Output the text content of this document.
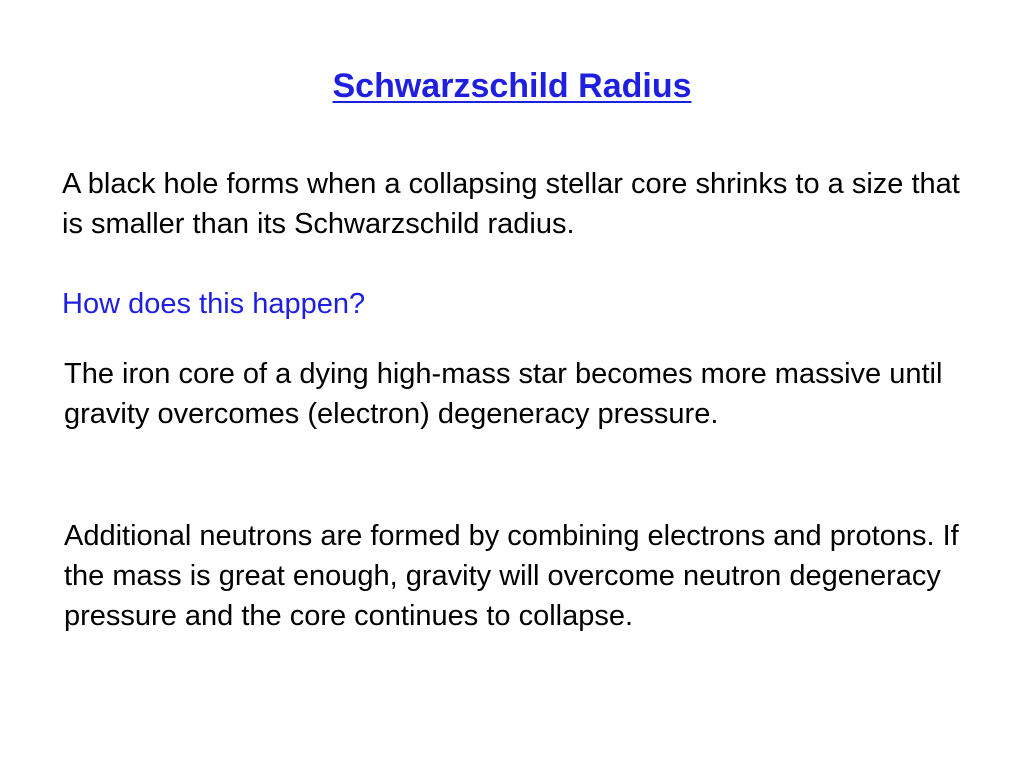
Schwarzschild Radius

A black hole forms when a collapsing stellar core shrinks to a size that is smaller than its Schwarzschild radius.

How does this happen?

The iron core of a dying high-mass star becomes more massive until gravity overcomes (electron) degeneracy pressure.

Additional neutrons are formed by combining electrons and protons. If the mass is great enough, gravity will overcome neutron degeneracy pressure and the core continues to collapse.
